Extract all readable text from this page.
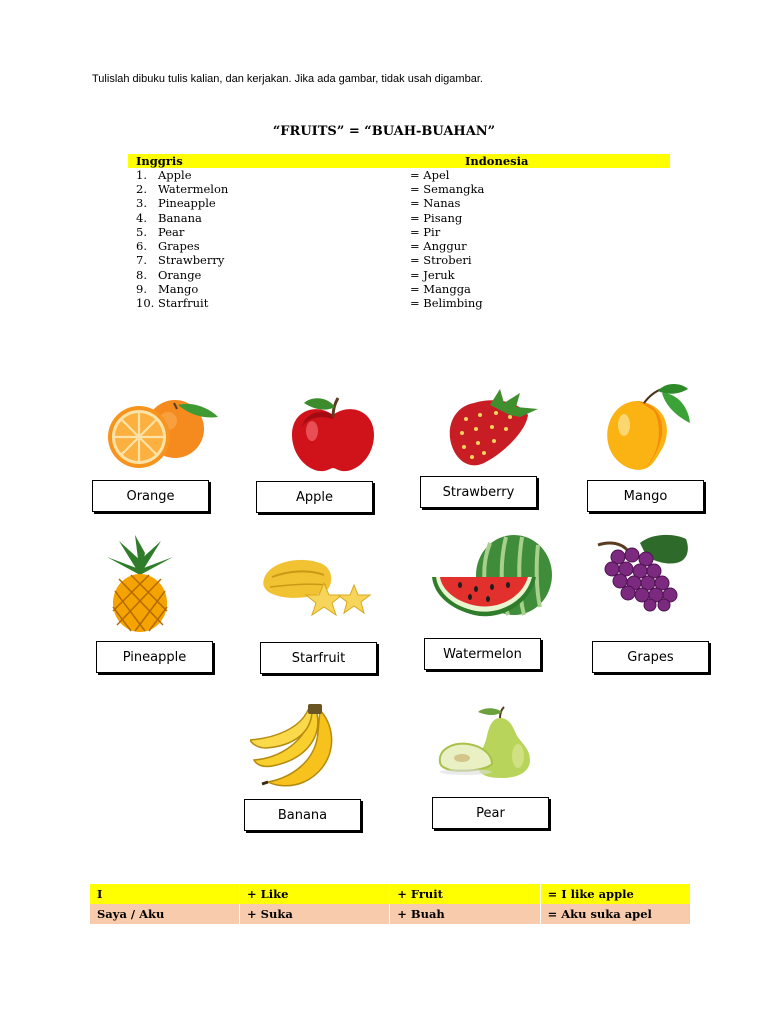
Tulislah dibuku tulis kalian, dan kerjakan. Jika ada gambar, tidak usah digambar.
“FRUITS” = “BUAH-BUAHAN”
Inggris	Indonesia
1. Apple	= Apel
2. Watermelon	= Semangka
3. Pineapple	= Nanas
4. Banana	= Pisang
5. Pear	= Pir
6. Grapes	= Anggur
7. Strawberry	= Stroberi
8. Orange	= Jeruk
9. Mango	= Mangga
10. Starfruit	= Belimbing
Orange	Apple	Strawberry	Mango
Pineapple	Starfruit	Watermelon	Grapes
Banana	Pear
I	+ Like	+ Fruit	= I like apple
Saya / Aku	+ Suka	+ Buah	= Aku suka apel
